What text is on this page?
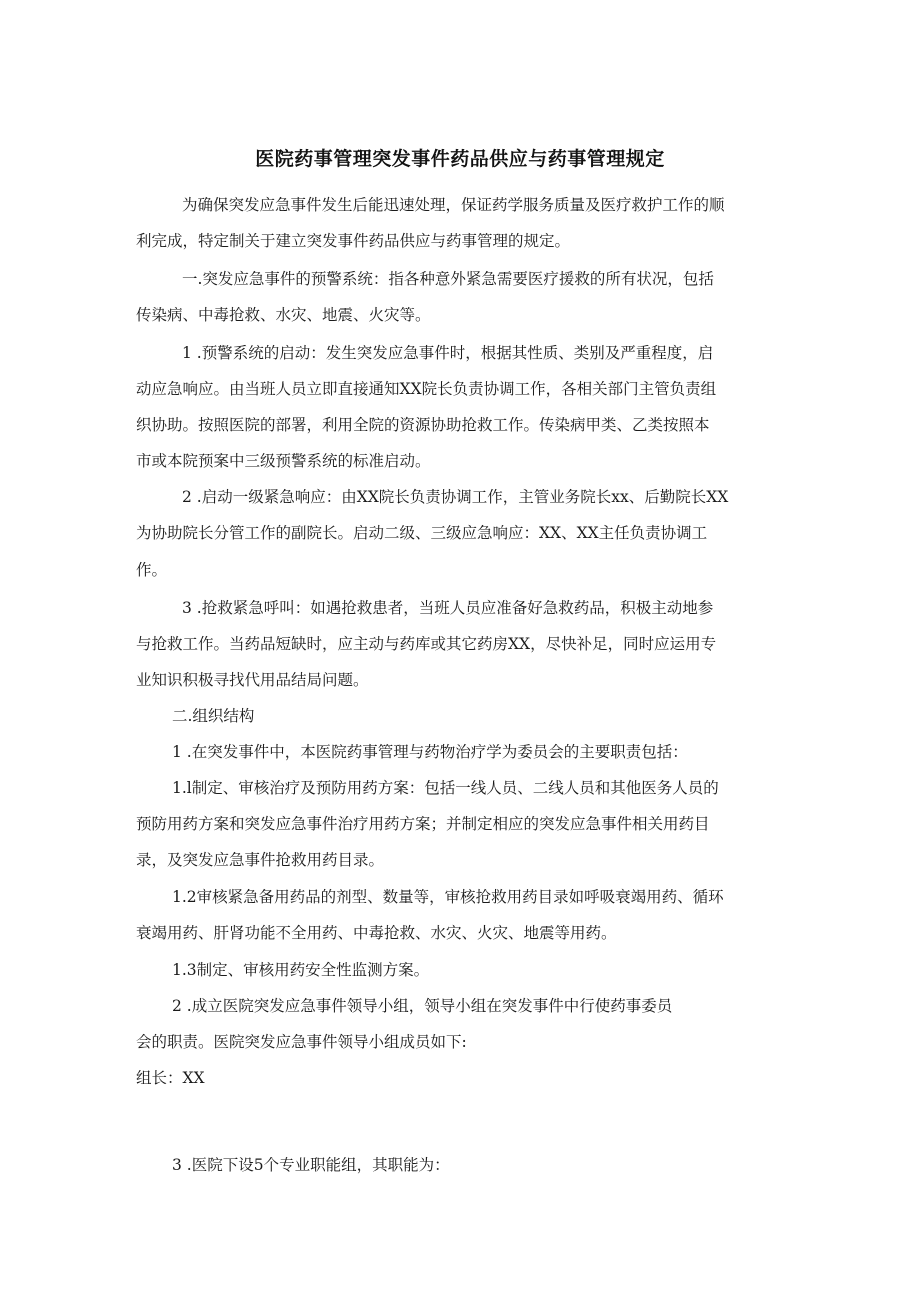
医院药事管理突发事件药品供应与药事管理规定
为确保突发应急事件发生后能迅速处理，保证药学服务质量及医疗救护工作的顺
利完成，特定制关于建立突发事件药品供应与药事管理的规定。
一.突发应急事件的预警系统：指各种意外紧急需要医疗援救的所有状况，包括
传染病、中毒抢救、水灾、地震、火灾等。
1 .预警系统的启动：发生突发应急事件时，根据其性质、类别及严重程度，启
动应急响应。由当班人员立即直接通知XX院长负责协调工作，各相关部门主管负责组
织协助。按照医院的部署，利用全院的资源协助抢救工作。传染病甲类、乙类按照本
市或本院预案中三级预警系统的标准启动。
2 .启动一级紧急响应：由XX院长负责协调工作，主管业务院长xx、后勤院长XX
为协助院长分管工作的副院长。启动二级、三级应急响应：XX、XX主任负责协调工
作。
3 .抢救紧急呼叫：如遇抢救患者，当班人员应准备好急救药品，积极主动地参
与抢救工作。当药品短缺时，应主动与药库或其它药房XX，尽快补足，同时应运用专
业知识积极寻找代用品结局问题。
二.组织结构
1 .在突发事件中，本医院药事管理与药物治疗学为委员会的主要职责包括：
1.l制定、审核治疗及预防用药方案：包括一线人员、二线人员和其他医务人员的
预防用药方案和突发应急事件治疗用药方案；并制定相应的突发应急事件相关用药目
录，及突发应急事件抢救用药目录。
1.2审核紧急备用药品的剂型、数量等，审核抢救用药目录如呼吸衰竭用药、循环
衰竭用药、肝肾功能不全用药、中毒抢救、水灾、火灾、地震等用药。
1.3制定、审核用药安全性监测方案。
2 .成立医院突发应急事件领导小组，领导小组在突发事件中行使药事委员
会的职责。医院突发应急事件领导小组成员如下:
组长：XX
3 .医院下设5个专业职能组，其职能为：
